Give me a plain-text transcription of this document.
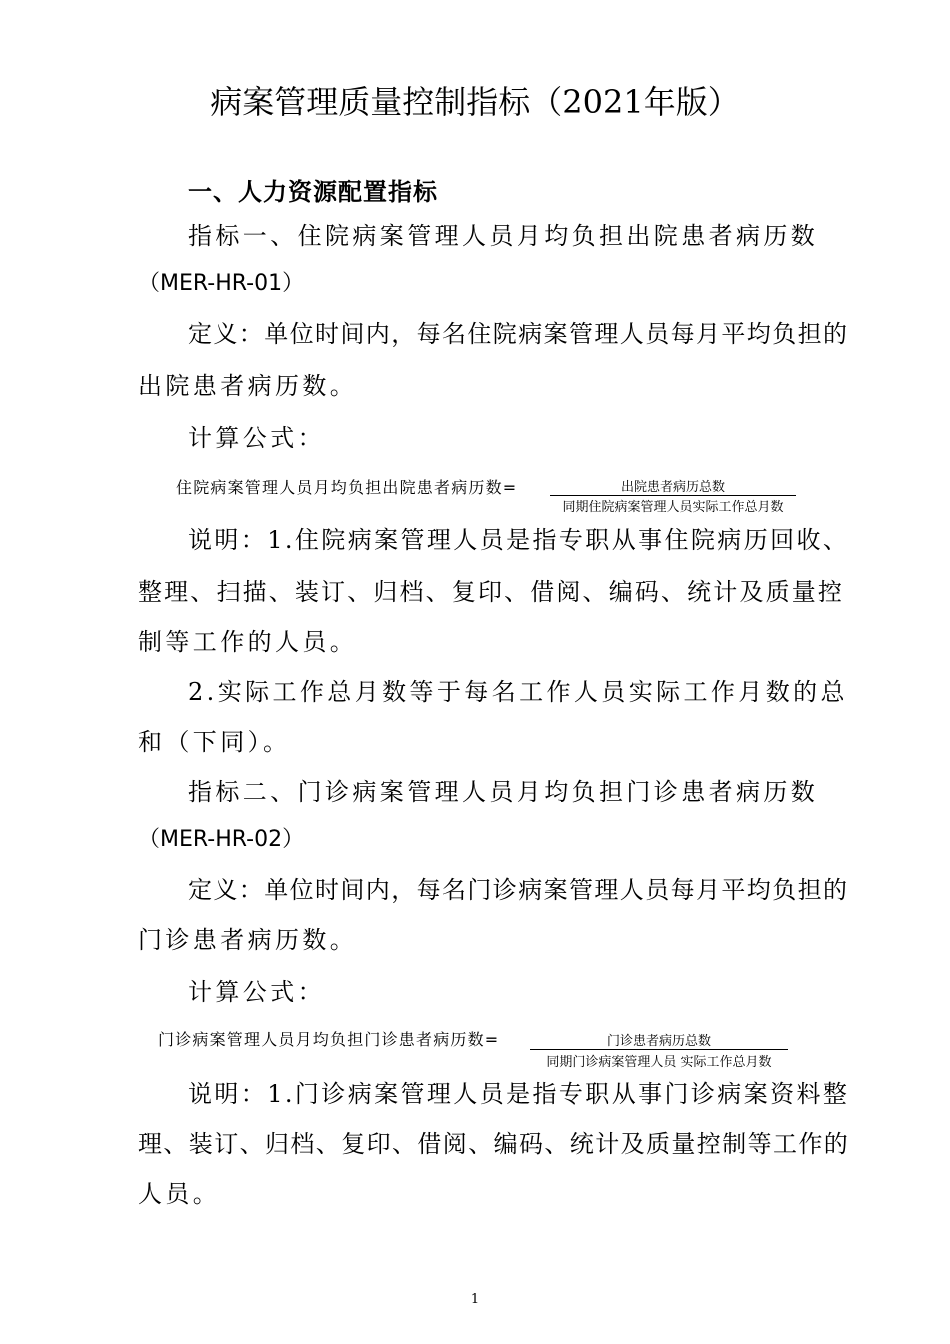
病案管理质量控制指标（2021年版）
一、人力资源配置指标
指标一、住院病案管理人员月均负担出院患者病历数
（MER-HR-01）
定义：单位时间内，每名住院病案管理人员每月平均负担的
出院患者病历数。
计算公式：
住院病案管理人员月均负担出院患者病历数=	出院患者病历总数
同期住院病案管理人员实际工作总月数
说明：1.住院病案管理人员是指专职从事住院病历回收、
整理、扫描、装订、归档、复印、借阅、编码、统计及质量控
制等工作的人员。
2.实际工作总月数等于每名工作人员实际工作月数的总
和（下同）。
指标二、门诊病案管理人员月均负担门诊患者病历数
（MER-HR-02）
定义：单位时间内，每名门诊病案管理人员每月平均负担的
门诊患者病历数。
计算公式：
门诊病案管理人员月均负担门诊患者病历数=	门诊患者病历总数
同期门诊病案管理人员 实际工作总月数
说明：1.门诊病案管理人员是指专职从事门诊病案资料整
理、装订、归档、复印、借阅、编码、统计及质量控制等工作的
人员。
1
